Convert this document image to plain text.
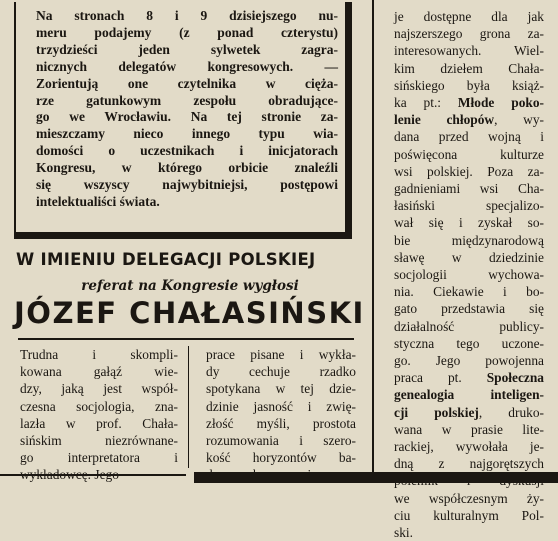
Na stronach 8 i 9 dzisiejszego nu-
meru podajemy (z ponad czterystu)
trzydzieści jeden sylwetek zagra-
nicznych delegatów kongresowych. —
Zorientują one czytelnika w cięża-
rze gatunkowym zespołu obradujące-
go we Wrocławiu. Na tej stronie za-
mieszczamy nieco innego typu wia-
domości o uczestnikach i inicjatorach
Kongresu, w którego orbicie znaleźli
się wszyscy najwybitniejsi, postępowi
intelektualiści świata.
je dostępne dla jak
najszerszego grona za-
interesowanych. Wiel-
kim dziełem Chała-
sińskiego była książ-
ka pt.: Młode poko-
lenie chłopów, wy-
dana przed wojną i
poświęcona kulturze
wsi polskiej. Poza za-
gadnieniami wsi Cha-
łasiński specjalizo-
wał się i zyskał so-
bie międzynarodową
sławę w dziedzinie
socjologii wychowa-
nia. Ciekawie i bo-
gato przedstawia się
działalność publicy-
styczna tego uczone-
go. Jego powojenna
praca pt. Społeczna
genealogia inteligen-
cji polskiej, druko-
wana w prasie lite-
rackiej, wywołała je-
dną z najgorętszych
we współczesnym ży-
ciu kulturalnym Pol-
ski.
W IMIENIU DELEGACJI POLSKIEJ
referat na Kongresie wygłosi
JÓZEF CHAŁASIŃSKI
Trudna i skompli-
kowana gałąź wie-
dzy, jaką jest współ-
czesna socjologia, zna-
lazła w prof. Chała-
sińskim niezrównane-
go interpretatora i
prace pisane i wykła-
dy cechuje rzadko
spotykana w tej dzie-
dzinie jasność i zwię-
złość myśli, prostota
rozumowania i szero-
kość horyzontów ba-
